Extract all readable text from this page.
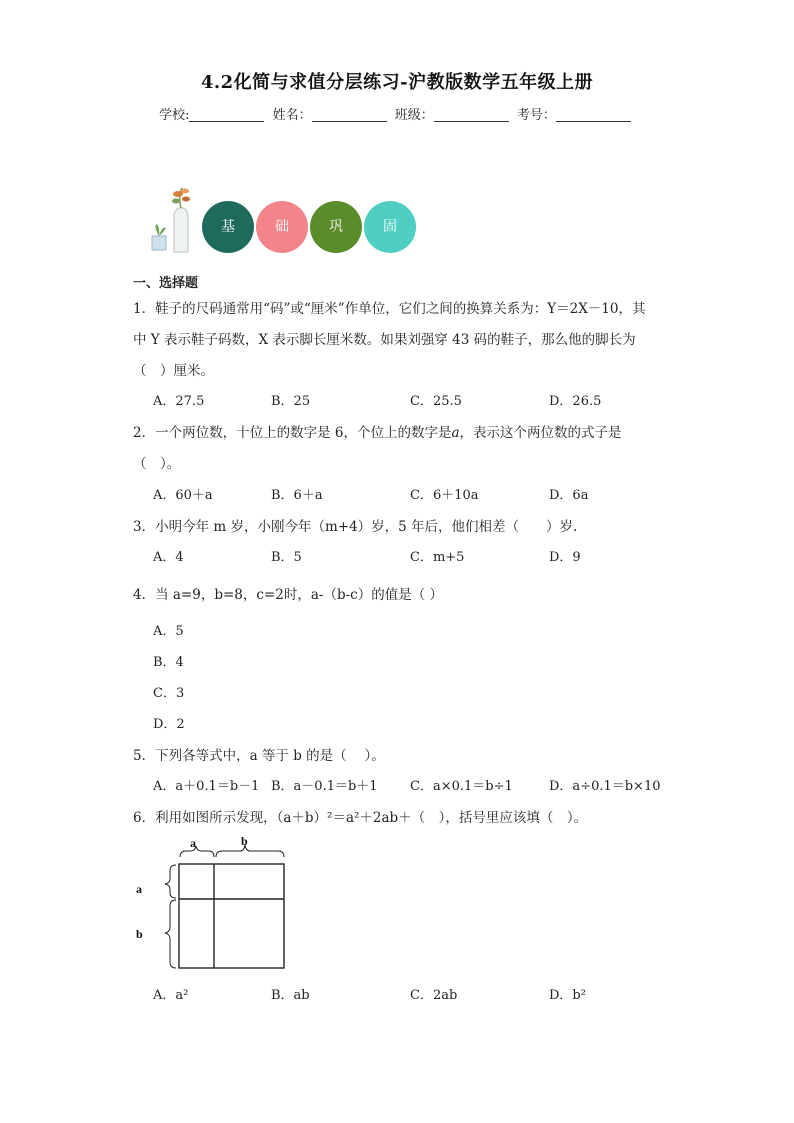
4.2化简与求值分层练习-沪教版数学五年级上册
学校:	姓名：	班级：	考号：
基	础	巩	固
一、选择题
1．鞋子的尺码通常用“码”或“厘米”作单位，它们之间的换算关系为：Y＝2X－10，其
中 Y 表示鞋子码数，X 表示脚长厘米数。如果刘强穿 43 码的鞋子，那么他的脚长为
（　）厘米。
A．27.5	B．25	C．25.5	D．26.5
2．一个两位数，十位上的数字是 6，个位上的数字是a，表示这个两位数的式子是
（　）。
A．60＋a	B．6＋a	C．6＋10a	D．6a
3．小明今年 m 岁，小刚今年（m+4）岁，5 年后，他们相差（　　）岁.
A．4	B．5	C．m+5	D．9
4．当 a=9，b=8，c=2时，a-（b-c）的值是（ ）
A．5
B．4
C．3
D．2
5．下列各等式中，a 等于 b 的是（　 ）。
A．a＋0.1＝b－1 B．a－0.1＝b＋1 C．a×0.1＝b÷1	D．a÷0.1＝b×10
6．利用如图所示发现，（a＋b）²＝a²＋2ab＋（　），括号里应该填（　）。
a	b
a
b
A．a²	B．ab	C．2ab	D．b²
